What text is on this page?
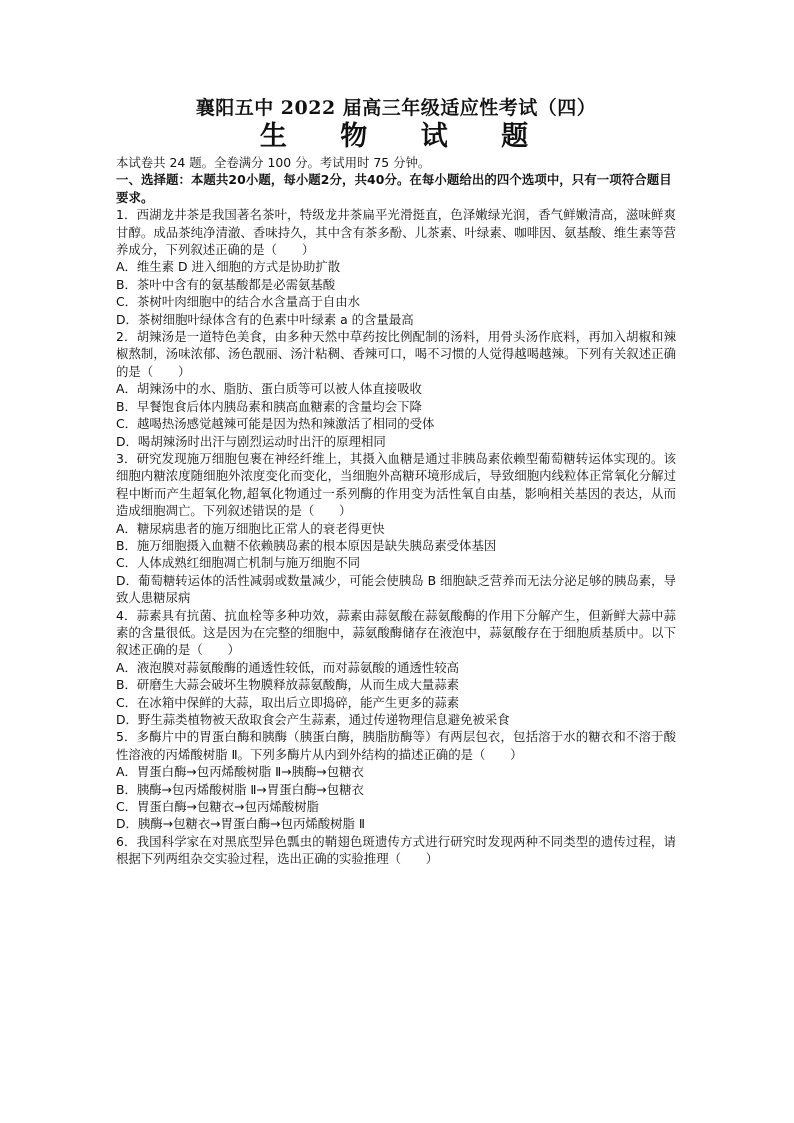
襄阳五中 2022 届高三年级适应性考试（四）
生 物 试 题
本试卷共 24 题。全卷满分 100 分。考试用时 75 分钟。
一、选择题：本题共20小题，每小题2分，共40分。在每小题给出的四个选项中，只有一项符合题目要求。
1．西湖龙井茶是我国著名茶叶，特级龙井茶扁平光滑挺直，色泽嫩绿光润，香气鲜嫩清高，滋味鲜爽甘醇。成品茶纯净清澈、香味持久，其中含有茶多酚、儿茶素、叶绿素、咖啡因、氨基酸、维生素等营养成分，下列叙述正确的是（　　）
A．维生素 D 进入细胞的方式是协助扩散
B．茶叶中含有的氨基酸都是必需氨基酸
C．茶树叶肉细胞中的结合水含量高于自由水
D．茶树细胞叶绿体含有的色素中叶绿素 a 的含量最高
2．胡辣汤是一道特色美食，由多种天然中草药按比例配制的汤料，用骨头汤作底料，再加入胡椒和辣椒熬制，汤味浓郁、汤色靓丽、汤汁粘稠、香辣可口，喝不习惯的人觉得越喝越辣。下列有关叙述正确的是（　　）
A．胡辣汤中的水、脂肪、蛋白质等可以被人体直接吸收
B．早餐饱食后体内胰岛素和胰高血糖素的含量均会下降
C．越喝热汤感觉越辣可能是因为热和辣激活了相同的受体
D．喝胡辣汤时出汗与剧烈运动时出汗的原理相同
3．研究发现施万细胞包裹在神经纤维上，其摄入血糖是通过非胰岛素依赖型葡萄糖转运体实现的。该细胞内糖浓度随细胞外浓度变化而变化，当细胞外高糖环境形成后，导致细胞内线粒体正常氧化分解过程中断而产生超氧化物,超氧化物通过一系列酶的作用变为活性氧自由基，影响相关基因的表达，从而造成细胞凋亡。下列叙述错误的是（　　）
A．糖尿病患者的施万细胞比正常人的衰老得更快
B．施万细胞摄入血糖不依赖胰岛素的根本原因是缺失胰岛素受体基因
C．人体成熟红细胞凋亡机制与施万细胞不同
D．葡萄糖转运体的活性减弱或数量减少，可能会使胰岛 B 细胞缺乏营养而无法分泌足够的胰岛素，导致人患糖尿病
4．蒜素具有抗菌、抗血栓等多种功效，蒜素由蒜氨酸在蒜氨酸酶的作用下分解产生，但新鲜大蒜中蒜素的含量很低。这是因为在完整的细胞中，蒜氨酸酶储存在液泡中，蒜氨酸存在于细胞质基质中。以下叙述正确的是（　　）
A．液泡膜对蒜氨酸酶的通透性较低，而对蒜氨酸的通透性较高
B．研磨生大蒜会破坏生物膜释放蒜氨酸酶，从而生成大量蒜素
C．在冰箱中保鲜的大蒜，取出后立即捣碎，能产生更多的蒜素
D．野生蒜类植物被天敌取食会产生蒜素，通过传递物理信息避免被采食
5．多酶片中的胃蛋白酶和胰酶（胰蛋白酶，胰脂肪酶等）有两层包衣，包括溶于水的糖衣和不溶于酸性溶液的丙烯酸树脂 Ⅱ。下列多酶片从内到外结构的描述正确的是（　　）
A．胃蛋白酶→包丙烯酸树脂 Ⅱ→胰酶→包糖衣
B．胰酶→包丙烯酸树脂 Ⅱ→胃蛋白酶→包糖衣
C．胃蛋白酶→包糖衣→包丙烯酸树脂
D．胰酶→包糖衣→胃蛋白酶→包丙烯酸树脂 Ⅱ
6．我国科学家在对黑底型异色瓢虫的鞘翅色斑遗传方式进行研究时发现两种不同类型的遗传过程，请根据下列两组杂交实验过程，选出正确的实验推理（　　）
